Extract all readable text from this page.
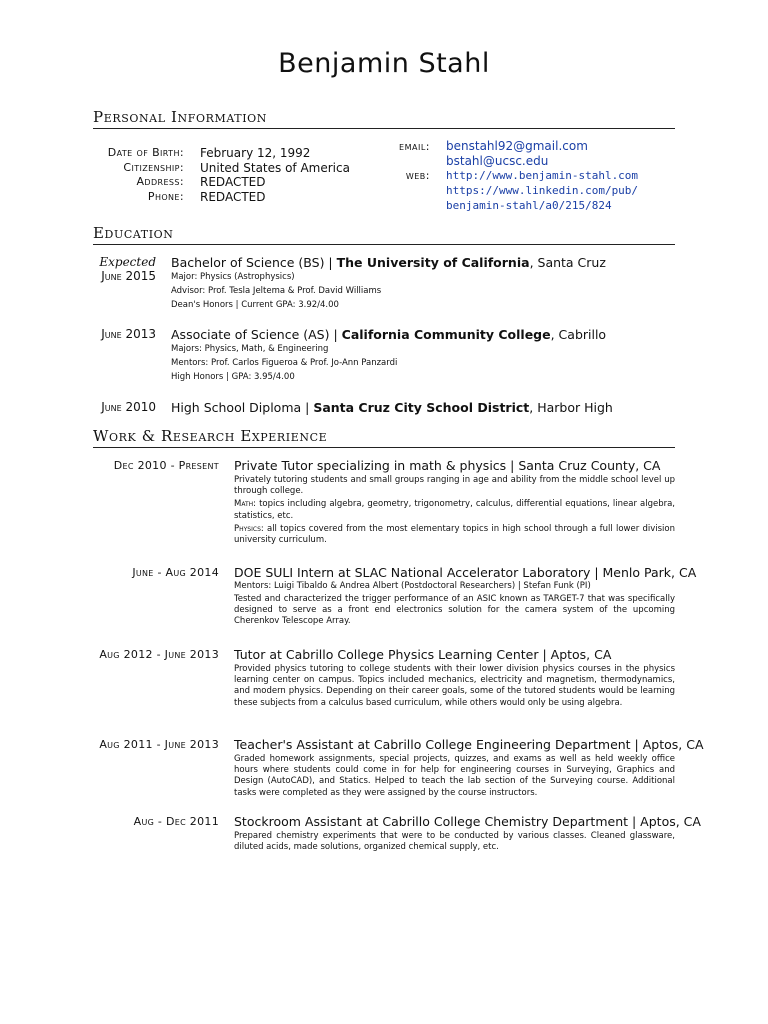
Benjamin Stahl
Personal Information
Date of Birth:	February 12, 1992
Citizenship:	United States of America
Address:	REDACTED
Phone:	REDACTED
email:	benstahl92@gmail.com
bstahl@ucsc.edu
web:	http://www.benjamin-stahl.com
https://www.linkedin.com/pub/
benjamin-stahl/a0/215/824
Education
Expected
June 2015
Bachelor of Science (BS) | The University of California, Santa Cruz
Major: Physics (Astrophysics)
Advisor: Prof. Tesla Jeltema & Prof. David Williams
Dean's Honors | Current GPA: 3.92/4.00
June 2013 Associate of Science (AS) | California Community College, Cabrillo
Majors: Physics, Math, & Engineering
Mentors: Prof. Carlos Figueroa & Prof. Jo-Ann Panzardi
High Honors | GPA: 3.95/4.00
June 2010 High School Diploma | Santa Cruz City School District, Harbor High
Work & Research Experience
Dec 2010 - Present Private Tutor specializing in math & physics | Santa Cruz County, CA
Privately tutoring students and small groups ranging in age and ability from the middle school level up through college.
Math: topics including algebra, geometry, trigonometry, calculus, differential equations, linear algebra, statistics, etc.
Physics: all topics covered from the most elementary topics in high school through a full lower division university curriculum.
June - Aug 2014 DOE SULI Intern at SLAC National Accelerator Laboratory | Menlo Park, CA
Mentors: Luigi Tibaldo & Andrea Albert (Postdoctoral Researchers) | Stefan Funk (PI)
Tested and characterized the trigger performance of an ASIC known as TARGET-7 that was specifically designed to serve as a front end electronics solution for the camera system of the upcoming Cherenkov Telescope Array.
Aug 2012 - June 2013 Tutor at Cabrillo College Physics Learning Center | Aptos, CA
Provided physics tutoring to college students with their lower division physics courses in the physics learning center on campus. Topics included mechanics, electricity and magnetism, thermodynamics, and modern physics. Depending on their career goals, some of the tutored students would be learning these subjects from a calculus based curriculum, while others would only be using algebra.
Aug 2011 - June 2013 Teacher's Assistant at Cabrillo College Engineering Department | Aptos, CA
Graded homework assignments, special projects, quizzes, and exams as well as held weekly office hours where students could come in for help for engineering courses in Surveying, Graphics and Design (AutoCAD), and Statics. Helped to teach the lab section of the Surveying course. Additional tasks were completed as they were assigned by the course instructors.
Aug - Dec 2011 Stockroom Assistant at Cabrillo College Chemistry Department | Aptos, CA
Prepared chemistry experiments that were to be conducted by various classes. Cleaned glassware, diluted acids, made solutions, organized chemical supply, etc.
